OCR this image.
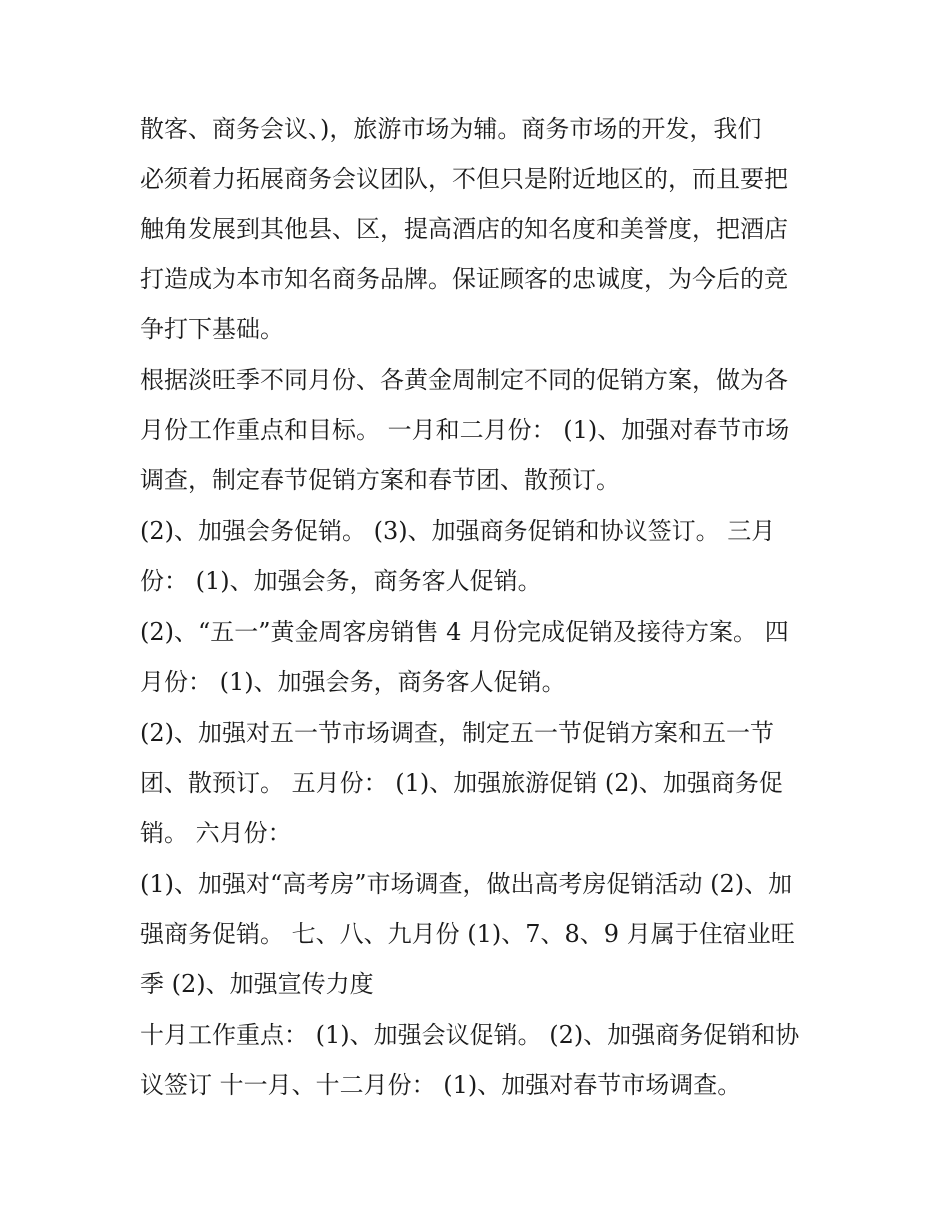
散客、商务会议、)，旅游市场为辅。商务市场的开发，我们
必须着力拓展商务会议团队，不但只是附近地区的，而且要把
触角发展到其他县、区，提高酒店的知名度和美誉度，把酒店
打造成为本市知名商务品牌。保证顾客的忠诚度，为今后的竞
争打下基础。
根据淡旺季不同月份、各黄金周制定不同的促销方案，做为各
月份工作重点和目标。 一月和二月份： (1)、加强对春节市场
调查，制定春节促销方案和春节团、散预订。
(2)、加强会务促销。 (3)、加强商务促销和协议签订。 三月
份： (1)、加强会务，商务客人促销。
(2)、“五一”黄金周客房销售 4 月份完成促销及接待方案。 四
月份： (1)、加强会务，商务客人促销。
(2)、加强对五一节市场调查，制定五一节促销方案和五一节
团、散预订。 五月份： (1)、加强旅游促销 (2)、加强商务促
销。 六月份：
(1)、加强对“高考房”市场调查，做出高考房促销活动 (2)、加
强商务促销。 七、八、九月份 (1)、7、8、9 月属于住宿业旺
季 (2)、加强宣传力度
十月工作重点： (1)、加强会议促销。 (2)、加强商务促销和协
议签订 十一月、十二月份： (1)、加强对春节市场调查。
